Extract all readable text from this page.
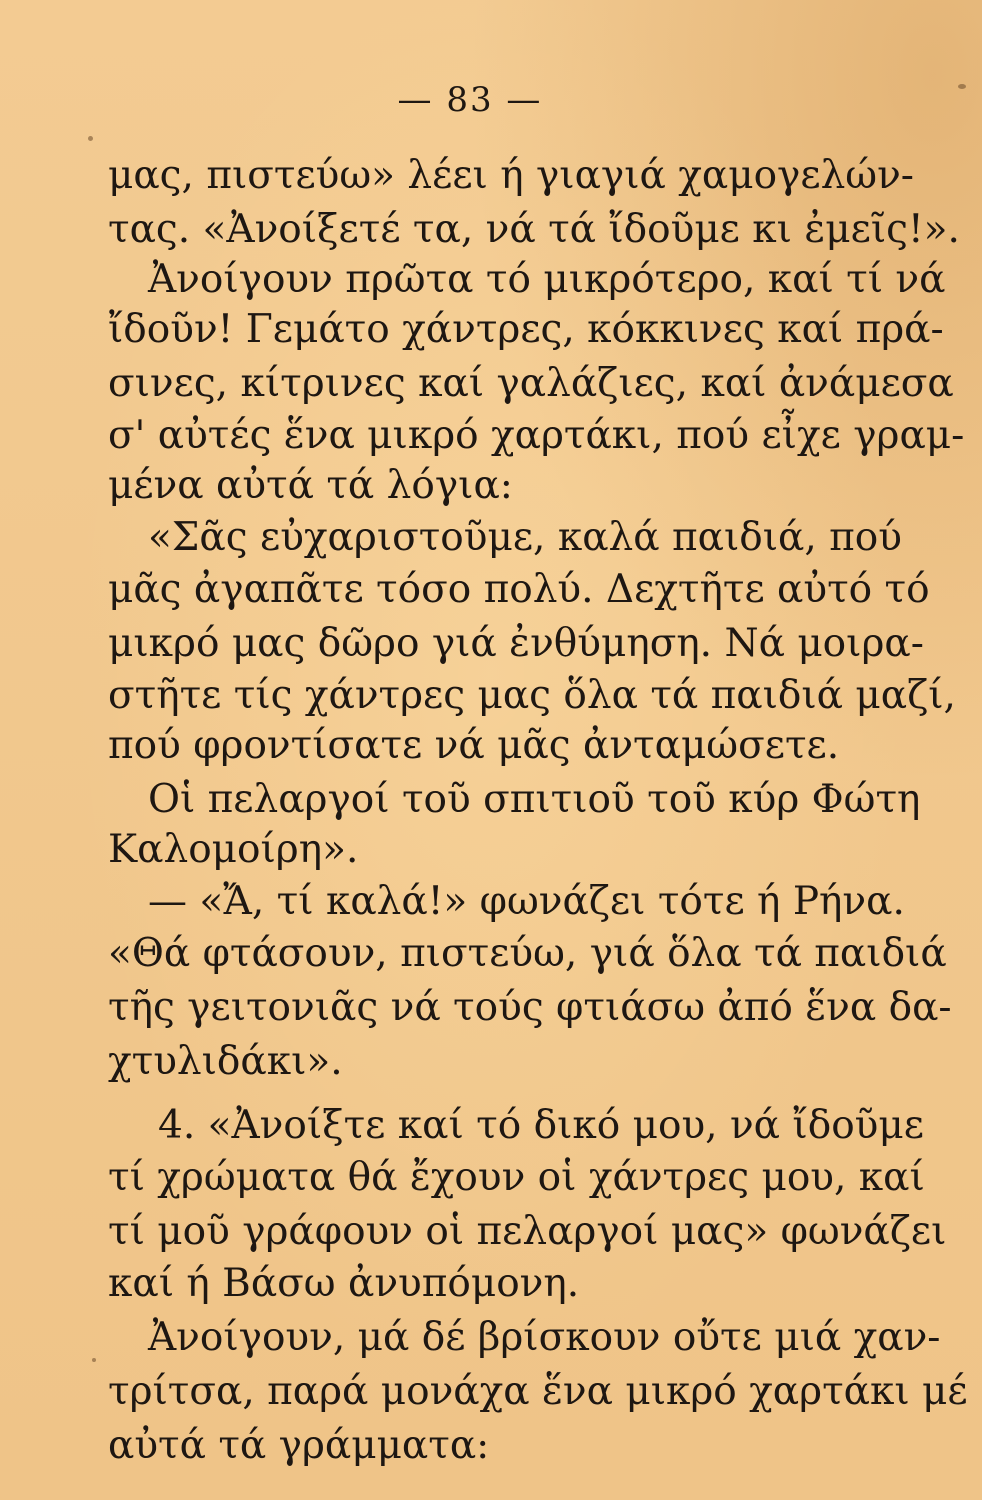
— 83 —
μας, πιστεύω» λέει ή γιαγιά χαμογελών-
τας. «Ἀνοίξετέ τα, νά τά ἴδοῦμε κι ἐμεῖς!».
Ἀνοίγουν πρῶτα τό μικρότερο, καί τί νά
ἴδοῦν! Γεμάτο χάντρες, κόκκινες καί πρά-
σινες, κίτρινες καί γαλάζιες, καί ἀνάμεσα
σ' αὐτές ἕνα μικρό χαρτάκι, πού εἶχε γραμ-
μένα αὐτά τά λόγια:
«Σᾶς εὐχαριστοῦμε, καλά παιδιά, πού
μᾶς ἀγαπᾶτε τόσο πολύ. Δεχτῆτε αὐτό τό
μικρό μας δῶρο γιά ἐνθύμηση. Νά μοιρα-
στῆτε τίς χάντρες μας ὅλα τά παιδιά μαζί,
πού φροντίσατε νά μᾶς ἀνταμώσετε.
Οἱ πελαργοί τοῦ σπιτιοῦ τοῦ κύρ Φώτη
Καλομοίρη».
— «Ἄ, τί καλά!» φωνάζει τότε ή Ρήνα.
«Θά φτάσουν, πιστεύω, γιά ὅλα τά παιδιά
τῆς γειτονιᾶς νά τούς φτιάσω ἀπό ἕνα δα-
χτυλιδάκι».
4. «Ἀνοίξτε καί τό δικό μου, νά ἴδοῦμε
τί χρώματα θά ἔχουν οἱ χάντρες μου, καί
τί μοῦ γράφουν οἱ πελαργοί μας» φωνάζει
καί ή Βάσω ἀνυπόμονη.
Ἀνοίγουν, μά δέ βρίσκουν οὔτε μιά χαν-
τρίτσα, παρά μονάχα ἕνα μικρό χαρτάκι μέ
αὐτά τά γράμματα:
